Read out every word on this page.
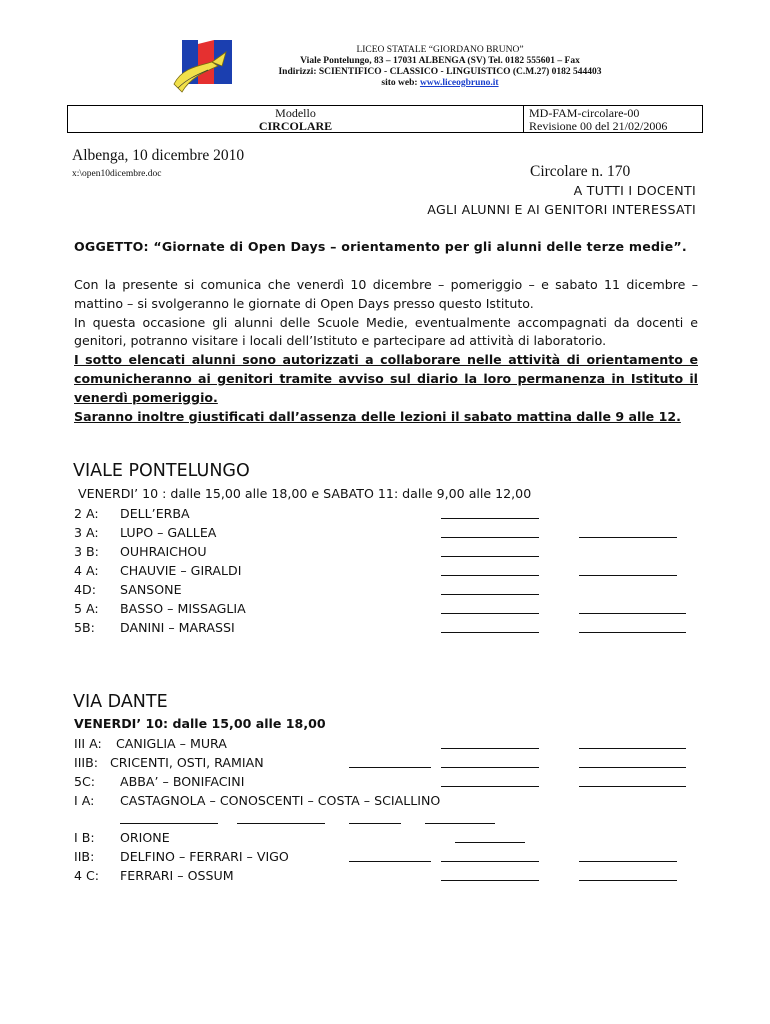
LICEO STATALE “GIORDANO BRUNO”
Viale Pontelungo, 83 – 17031 ALBENGA (SV) Tel. 0182 555601 – Fax
Indirizzi: SCIENTIFICO - CLASSICO - LINGUISTICO (C.M.27) 0182 544403
sito web: www.liceogbruno.it
Modello
CIRCOLARE
MD-FAM-circolare-00
Revisione 00 del 21/02/2006
Albenga, 10 dicembre 2010
x:\open10dicembre.doc	Circolare n. 170
A TUTTI I DOCENTI
AGLI ALUNNI E AI GENITORI INTERESSATI
OGGETTO: “Giornate di Open Days – orientamento per gli alunni delle terze medie”.
Con la presente si comunica che venerdì 10 dicembre – pomeriggio – e sabato 11 dicembre –
mattino – si svolgeranno le giornate di Open Days presso questo Istituto.
In questa occasione gli alunni delle Scuole Medie, eventualmente accompagnati da docenti e
genitori, potranno visitare i locali dell’Istituto e partecipare ad attività di laboratorio.
I sotto elencati alunni sono autorizzati a collaborare nelle attività di orientamento e
comunicheranno ai genitori tramite avviso sul diario la loro permanenza in Istituto il
venerdì pomeriggio.
Saranno inoltre giustificati dall’assenza delle lezioni il sabato mattina dalle 9 alle 12.
VIALE PONTELUNGO
VENERDI’ 10 : dalle 15,00 alle 18,00 e SABATO 11: dalle 9,00 alle 12,00
2 A: DELL’ERBA
3 A: LUPO – GALLEA
3 B: OUHRAICHOU
4 A: CHAUVIE – GIRALDI
4D: SANSONE
5 A: BASSO – MISSAGLIA
5B: DANINI – MARASSI
VIA DANTE
VENERDI’ 10: dalle 15,00 alle 18,00
III A: CANIGLIA – MURA
IIIB: CRICENTI, OSTI, RAMIAN
5C: ABBA’ – BONIFACINI
I A: CASTAGNOLA – CONOSCENTI – COSTA – SCIALLINO
I B: ORIONE
IIB: DELFINO – FERRARI – VIGO
4 C: FERRARI – OSSUM
